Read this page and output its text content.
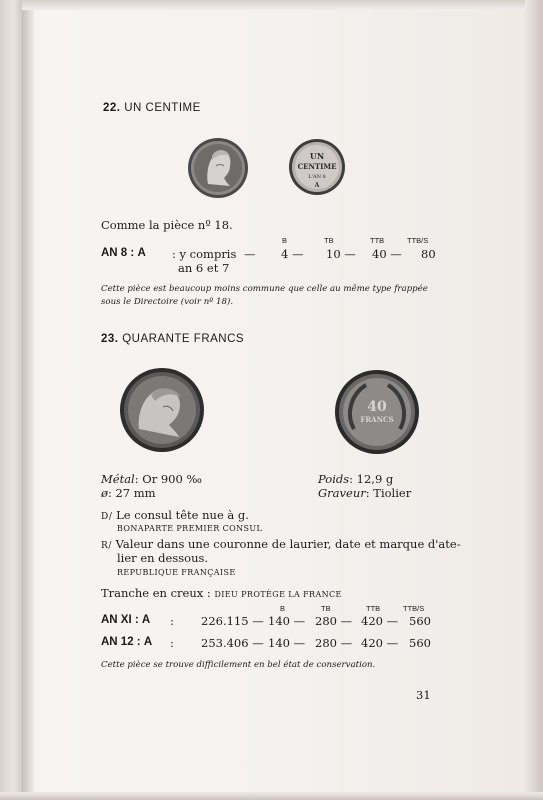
22. UN CENTIME
UN
CENTIME
L'AN 8
A
Comme la pièce nº 18.
B	TB	TTB	TTB/S
AN 8 : A : y compris — 4 — 10 — 40 — 80
an 6 et 7
Cette pièce est beaucoup moins commune que celle au même type frappée sous le Directoire (voir nº 18).
23. QUARANTE FRANCS
40
FRANCS
Métal: Or 900 ‰
ø: 27 mm
Poids: 12,9 g
Graveur: Tiolier
D/ Le consul tête nue à g.
BONAPARTE PREMIER CONSUL
R/ Valeur dans une couronne de laurier, date et marque d'ate-
lier en dessous.
REPUBLIQUE FRANÇAISE
Tranche en creux : DIEU PROTÈGE LA FRANCE
B	TB	TTB	TTB/S
AN XI : A : 226.115 — 140 — 280 — 420 — 560
AN 12 : A : 253.406 — 140 — 280 — 420 — 560
Cette pièce se trouve difficilement en bel état de conservation.
31
